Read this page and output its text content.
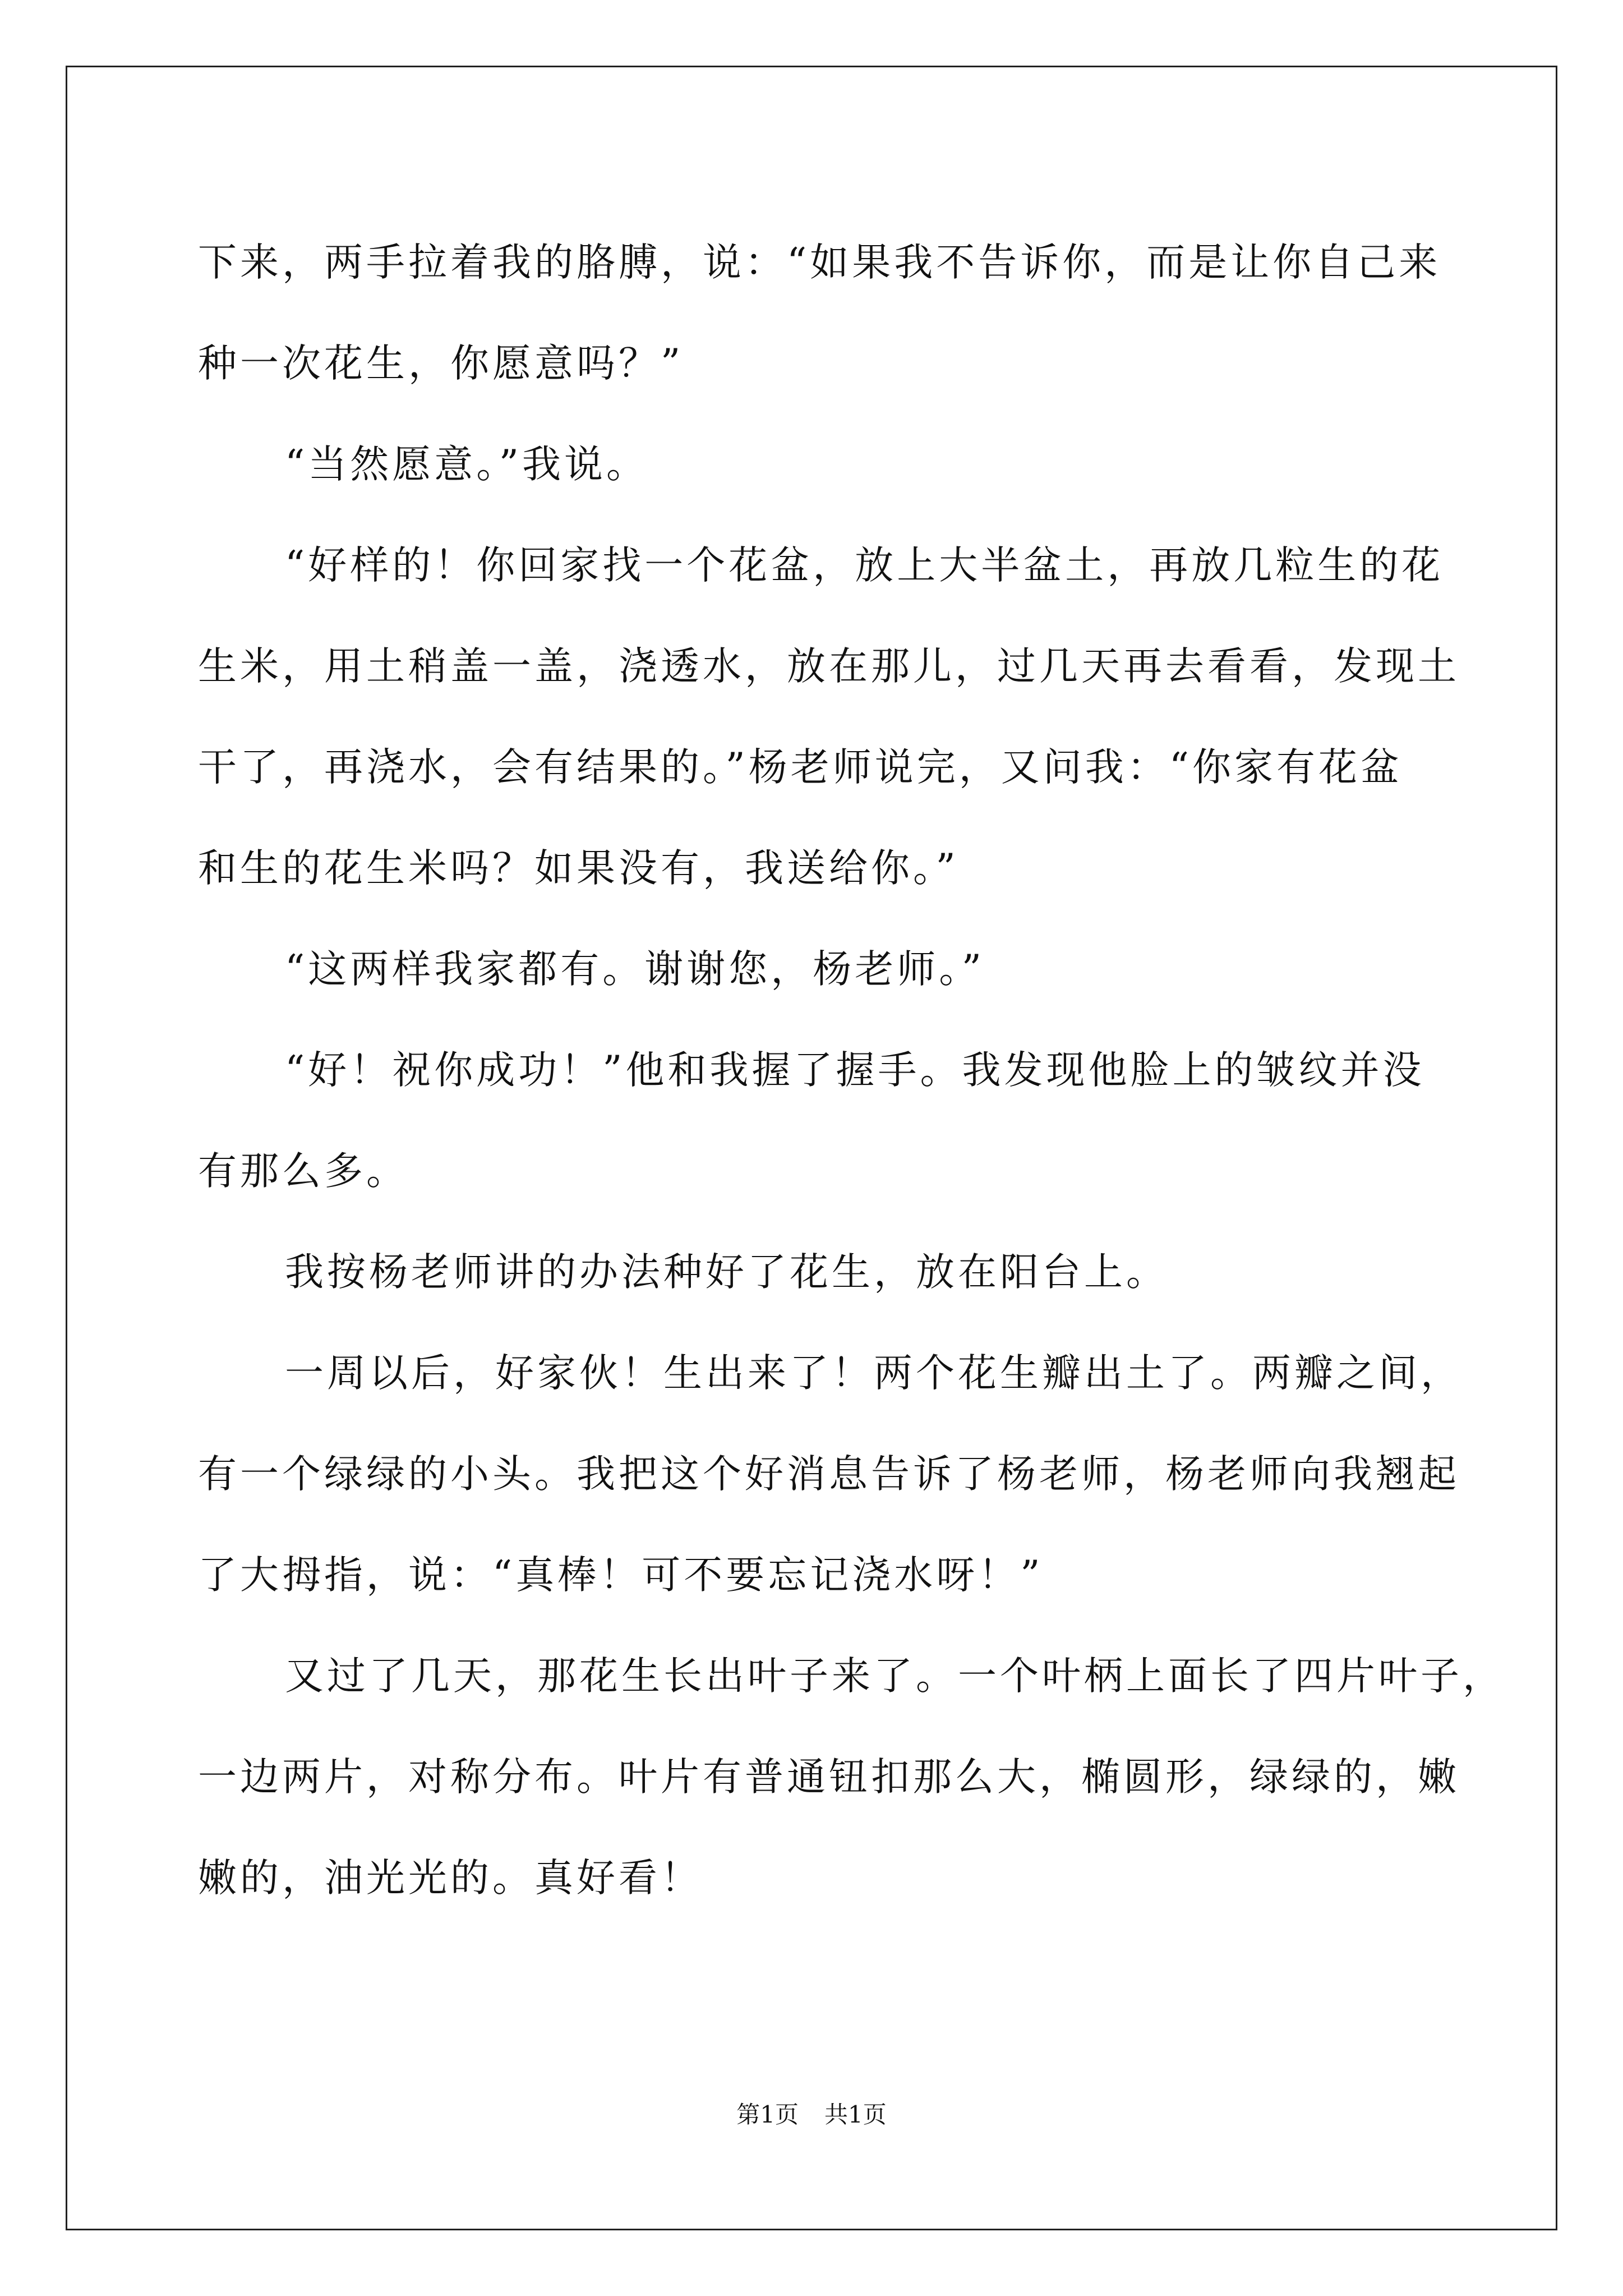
下来，两手拉着我的胳膊，说：“如果我不告诉你，而是让你自己来
种一次花生，你愿意吗？”
“当然愿意。”我说。
“好样的！你回家找一个花盆，放上大半盆土，再放几粒生的花
生米，用土稍盖一盖，浇透水，放在那儿，过几天再去看看，发现土
干了，再浇水，会有结果的。”杨老师说完，又问我：“你家有花盆
和生的花生米吗？如果没有，我送给你。”
“这两样我家都有。谢谢您，杨老师。”
“好！祝你成功！”他和我握了握手。我发现他脸上的皱纹并没
有那么多。
我按杨老师讲的办法种好了花生，放在阳台上。
一周以后，好家伙！生出来了！两个花生瓣出土了。两瓣之间，
有一个绿绿的小头。我把这个好消息告诉了杨老师，杨老师向我翘起
了大拇指，说：“真棒！可不要忘记浇水呀！”
又过了几天，那花生长出叶子来了。一个叶柄上面长了四片叶子，
一边两片，对称分布。叶片有普通钮扣那么大，椭圆形，绿绿的，嫩
嫩的，油光光的。真好看！
第1页 共1页
